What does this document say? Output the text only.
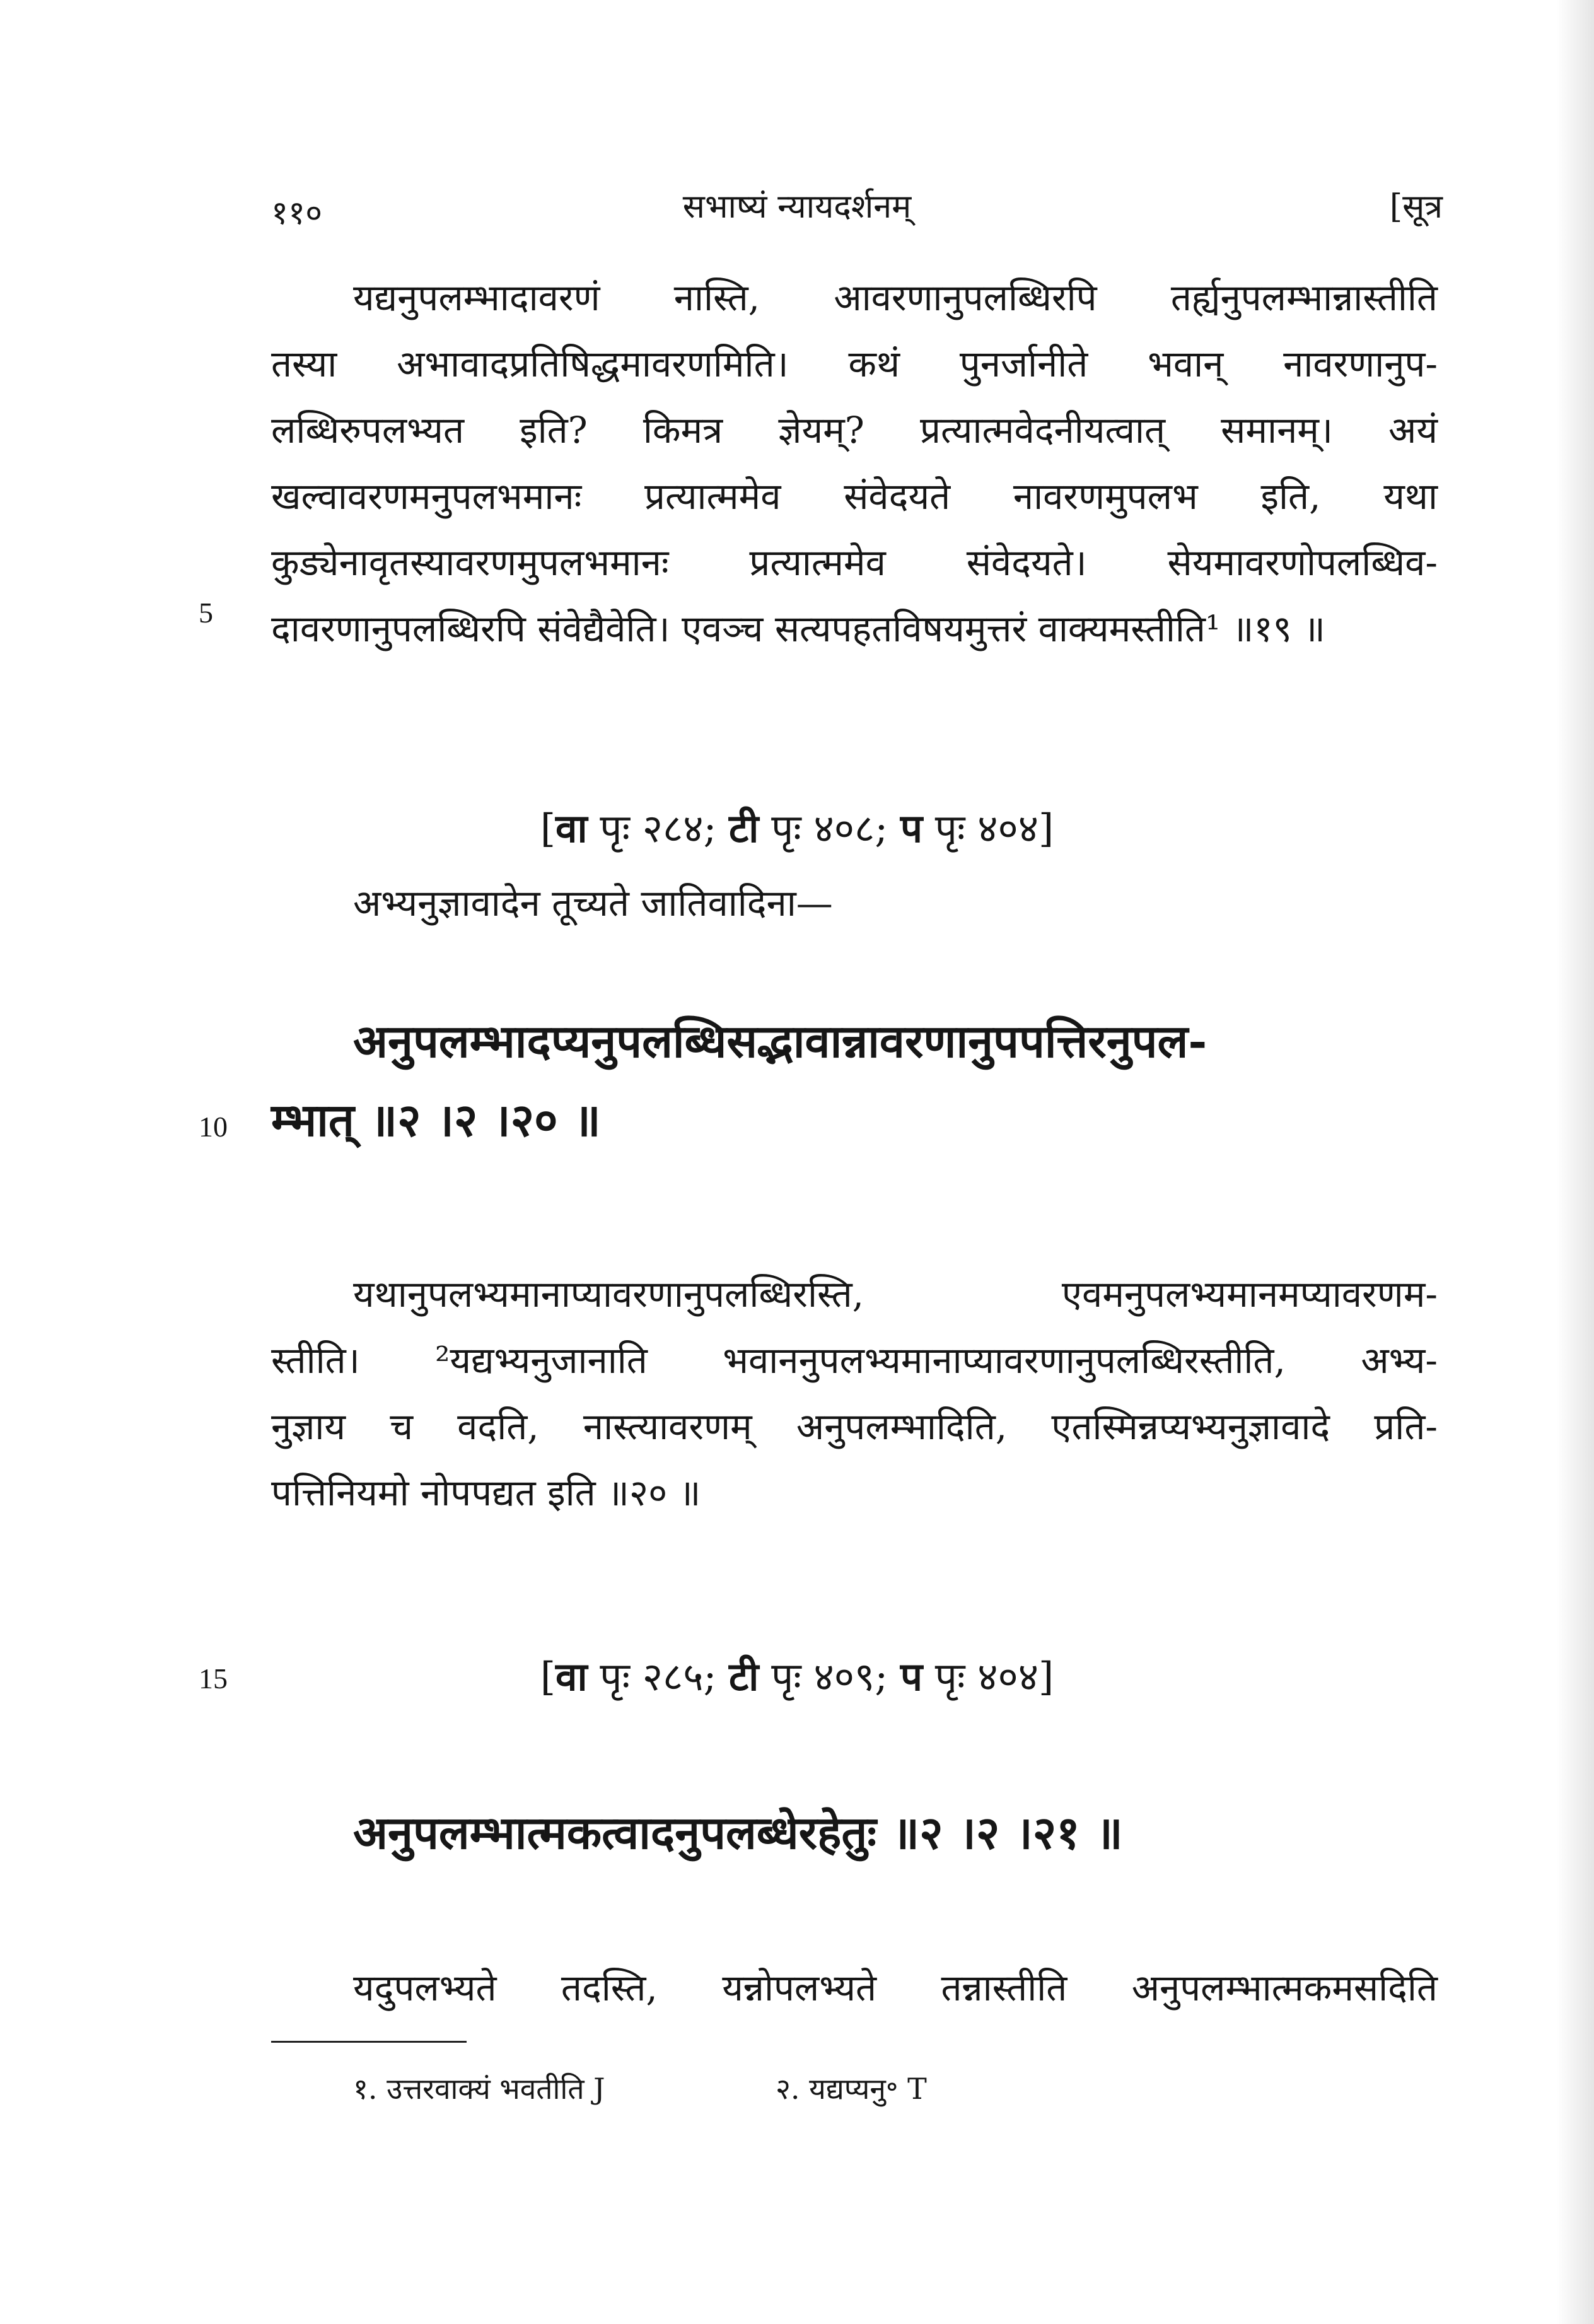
११०	सभाष्यं न्यायदर्शनम्	[सूत्र
यद्यनुपलम्भादावरणं नास्ति, आवरणानुपलब्धिरपि तर्ह्यनुपलम्भान्नास्तीति
तस्या अभावादप्रतिषिद्धमावरणमिति। कथं पुनर्जानीते भवान् नावरणानुप-
लब्धिरुपलभ्यत इति? किमत्र ज्ञेयम्? प्रत्यात्मवेदनीयत्वात् समानम्। अयं
खल्वावरणमनुपलभमानः प्रत्यात्ममेव संवेदयते नावरणमुपलभ इति, यथा
कुड्येनावृतस्यावरणमुपलभमानः प्रत्यात्ममेव संवेदयते। सेयमावरणोपलब्धिव-
दावरणानुपलब्धिरपि संवेद्यैवेति। एवञ्च सत्यपहतविषयमुत्तरं वाक्यमस्तीति¹ ॥१९ ॥
5
[वा पृः २८४; टी पृः ४०८; प पृः ४०४]
अभ्यनुज्ञावादेन तूच्यते जातिवादिना—
अनुपलम्भादप्यनुपलब्धिसद्भावान्नावरणानुपपत्तिरनुपल-
म्भात् ॥२ ।२ ।२० ॥
10
यथानुपलभ्यमानाप्यावरणानुपलब्धिरस्ति, एवमनुपलभ्यमानमप्यावरणम-
स्तीति। ²यद्यभ्यनुजानाति भवाननुपलभ्यमानाप्यावरणानुपलब्धिरस्तीति, अभ्य-
नुज्ञाय च वदति, नास्त्यावरणम् अनुपलम्भादिति, एतस्मिन्नप्यभ्यनुज्ञावादे प्रति-
पत्तिनियमो नोपपद्यत इति ॥२० ॥
[वा पृः २८५; टी पृः ४०९; प पृः ४०४]
15
अनुपलम्भात्मकत्वादनुपलब्धेरहेतुः ॥२ ।२ ।२१ ॥
यदुपलभ्यते तदस्ति, यन्नोपलभ्यते तन्नास्तीति अनुपलम्भात्मकमसदिति
१. उत्तरवाक्यं भवतीति J	२. यद्यप्यनु॰ T
